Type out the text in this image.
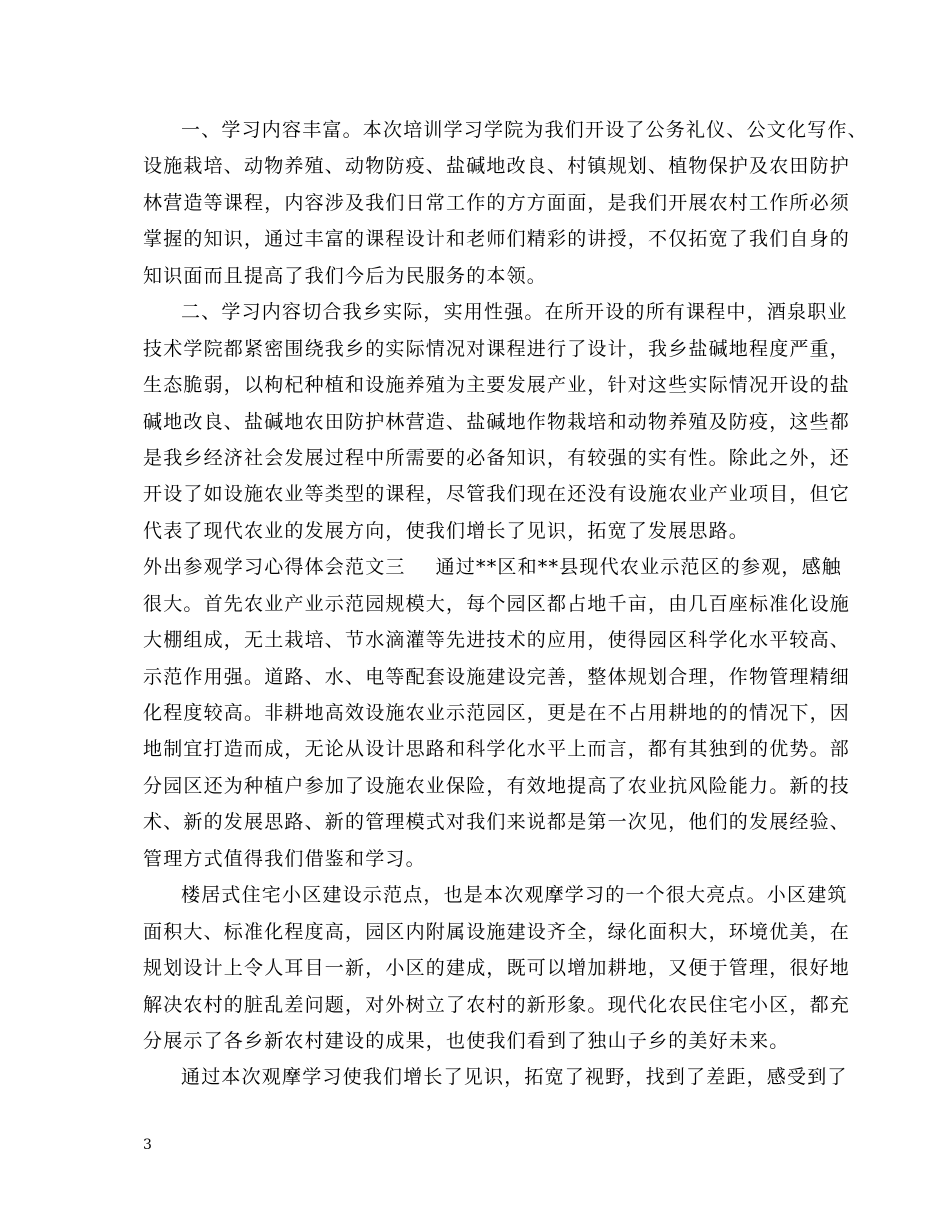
一、学习内容丰富。本次培训学习学院为我们开设了公务礼仪、公文化写作、
设施栽培、动物养殖、动物防疫、盐碱地改良、村镇规划、植物保护及农田防护
林营造等课程，内容涉及我们日常工作的方方面面，是我们开展农村工作所必须
掌握的知识，通过丰富的课程设计和老师们精彩的讲授，不仅拓宽了我们自身的
知识面而且提高了我们今后为民服务的本领。
二、学习内容切合我乡实际，实用性强。在所开设的所有课程中，酒泉职业
技术学院都紧密围绕我乡的实际情况对课程进行了设计，我乡盐碱地程度严重，
生态脆弱，以枸杞种植和设施养殖为主要发展产业，针对这些实际情况开设的盐
碱地改良、盐碱地农田防护林营造、盐碱地作物栽培和动物养殖及防疫，这些都
是我乡经济社会发展过程中所需要的必备知识，有较强的实有性。除此之外，还
开设了如设施农业等类型的课程，尽管我们现在还没有设施农业产业项目，但它
代表了现代农业的发展方向，使我们增长了见识，拓宽了发展思路。
外出参观学习心得体会范文三 通过**区和**县现代农业示范区的参观，感触
很大。首先农业产业示范园规模大，每个园区都占地千亩，由几百座标准化设施
大棚组成，无土栽培、节水滴灌等先进技术的应用，使得园区科学化水平较高、
示范作用强。道路、水、电等配套设施建设完善，整体规划合理，作物管理精细
化程度较高。非耕地高效设施农业示范园区，更是在不占用耕地的的情况下，因
地制宜打造而成，无论从设计思路和科学化水平上而言，都有其独到的优势。部
分园区还为种植户参加了设施农业保险，有效地提高了农业抗风险能力。新的技
术、新的发展思路、新的管理模式对我们来说都是第一次见，他们的发展经验、
管理方式值得我们借鉴和学习。
楼居式住宅小区建设示范点，也是本次观摩学习的一个很大亮点。小区建筑
面积大、标准化程度高，园区内附属设施建设齐全，绿化面积大，环境优美，在
规划设计上令人耳目一新，小区的建成，既可以增加耕地，又便于管理，很好地
解决农村的脏乱差问题，对外树立了农村的新形象。现代化农民住宅小区，都充
分展示了各乡新农村建设的成果，也使我们看到了独山子乡的美好未来。
通过本次观摩学习使我们增长了见识，拓宽了视野，找到了差距，感受到了
3
